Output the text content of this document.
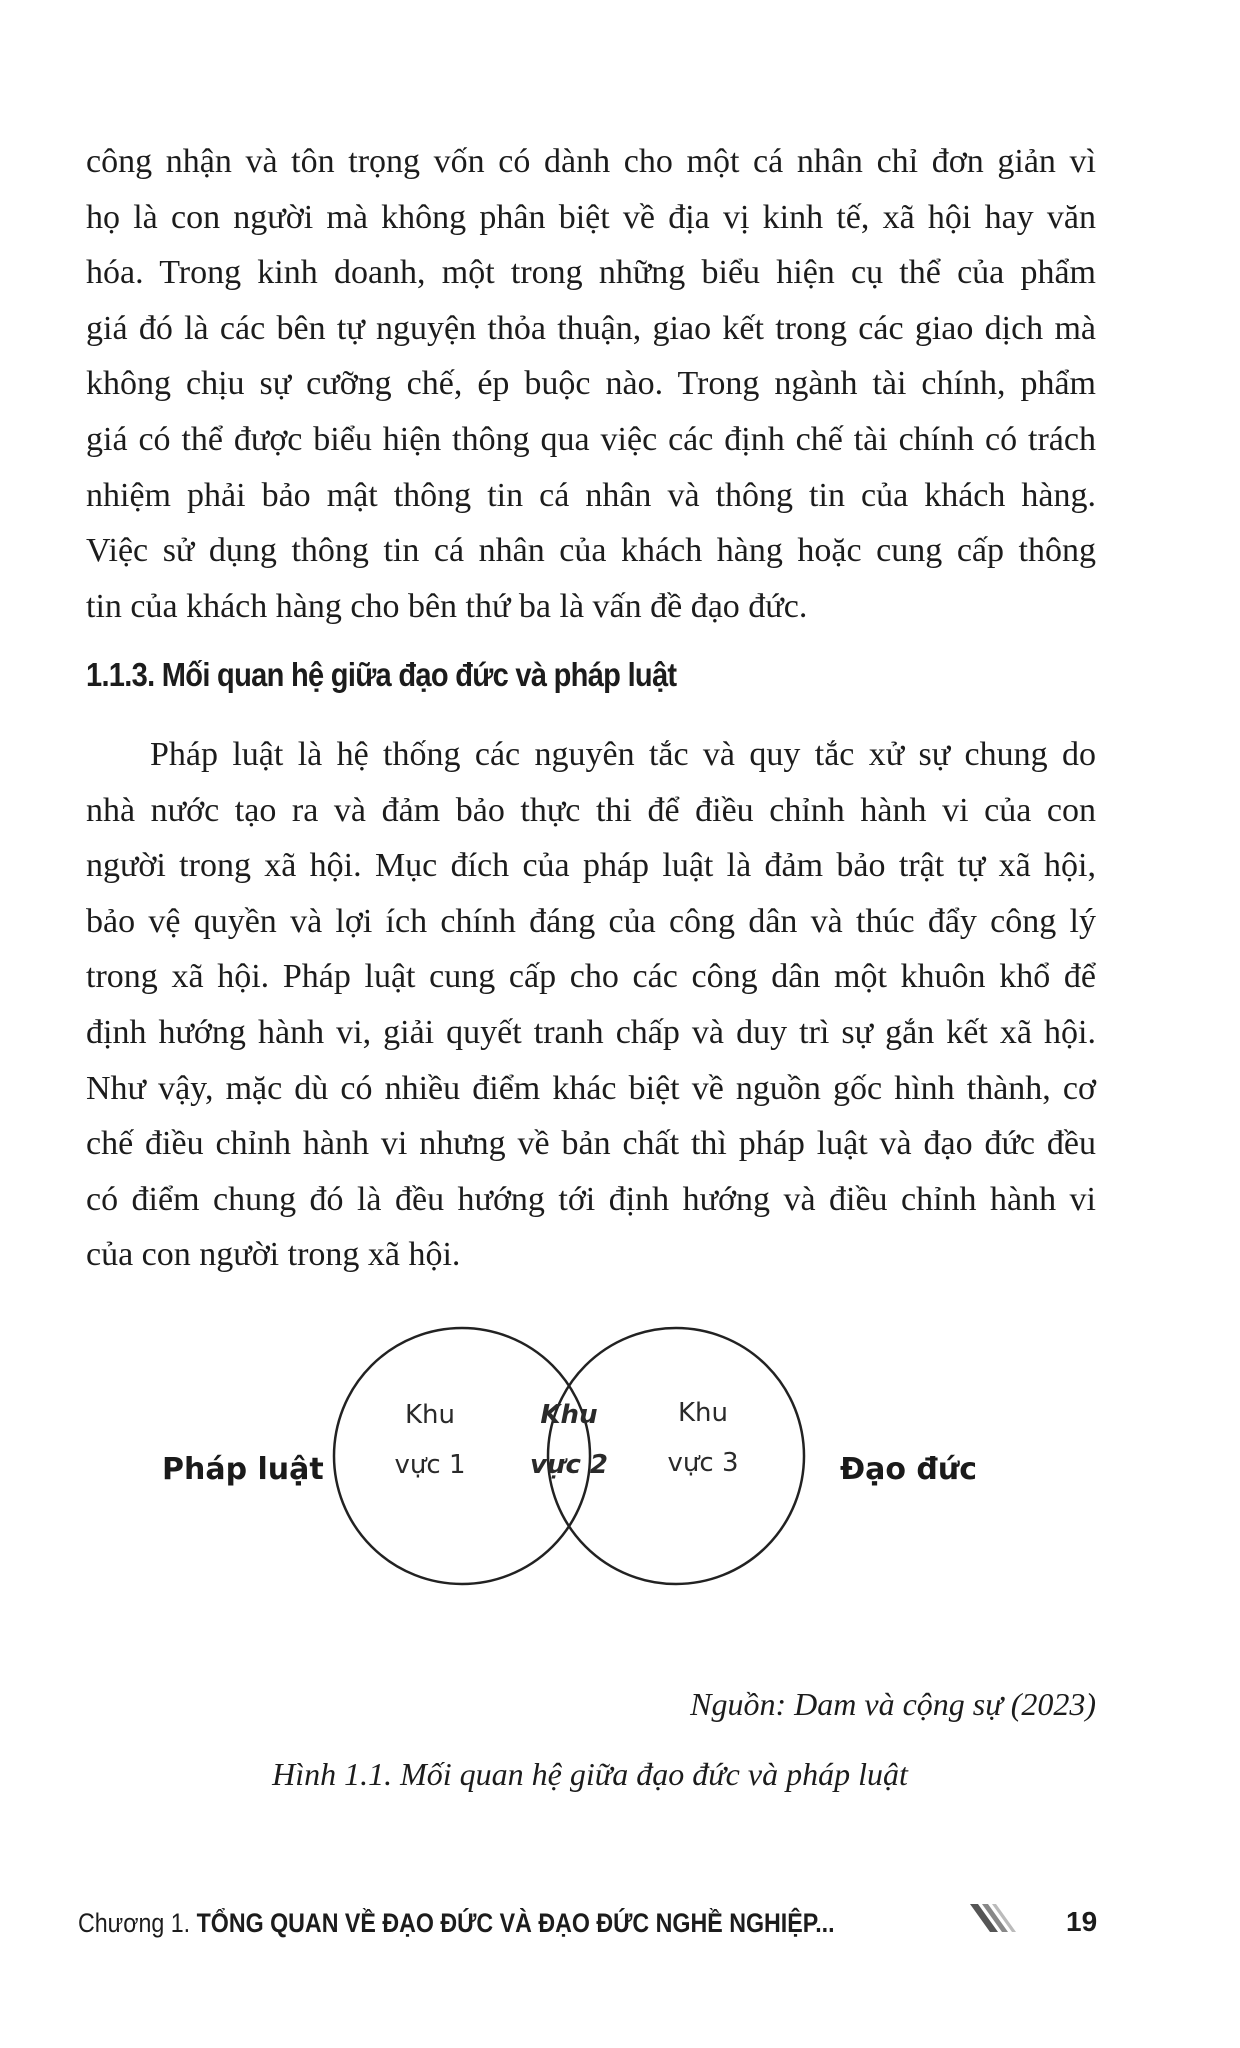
công nhận và tôn trọng vốn có dành cho một cá nhân chỉ đơn giản vì
họ là con người mà không phân biệt về địa vị kinh tế, xã hội hay văn
hóa. Trong kinh doanh, một trong những biểu hiện cụ thể của phẩm
giá đó là các bên tự nguyện thỏa thuận, giao kết trong các giao dịch mà
không chịu sự cưỡng chế, ép buộc nào. Trong ngành tài chính, phẩm
giá có thể được biểu hiện thông qua việc các định chế tài chính có trách
nhiệm phải bảo mật thông tin cá nhân và thông tin của khách hàng.
Việc sử dụng thông tin cá nhân của khách hàng hoặc cung cấp thông
tin của khách hàng cho bên thứ ba là vấn đề đạo đức.
1.1.3. Mối quan hệ giữa đạo đức và pháp luật
Pháp luật là hệ thống các nguyên tắc và quy tắc xử sự chung do
nhà nước tạo ra và đảm bảo thực thi để điều chỉnh hành vi của con
người trong xã hội. Mục đích của pháp luật là đảm bảo trật tự xã hội,
bảo vệ quyền và lợi ích chính đáng của công dân và thúc đẩy công lý
trong xã hội. Pháp luật cung cấp cho các công dân một khuôn khổ để
định hướng hành vi, giải quyết tranh chấp và duy trì sự gắn kết xã hội.
Như vậy, mặc dù có nhiều điểm khác biệt về nguồn gốc hình thành, cơ
chế điều chỉnh hành vi nhưng về bản chất thì pháp luật và đạo đức đều
có điểm chung đó là đều hướng tới định hướng và điều chỉnh hành vi
của con người trong xã hội.
Pháp luật	Đạo đức
Khu
vực 1
Khu
vực 2
Khu
vực 3
Nguồn: Dam và cộng sự (2023)
Hình 1.1. Mối quan hệ giữa đạo đức và pháp luật
Chương 1. TỔNG QUAN VỀ ĐẠO ĐỨC VÀ ĐẠO ĐỨC NGHỀ NGHIỆP...	19
